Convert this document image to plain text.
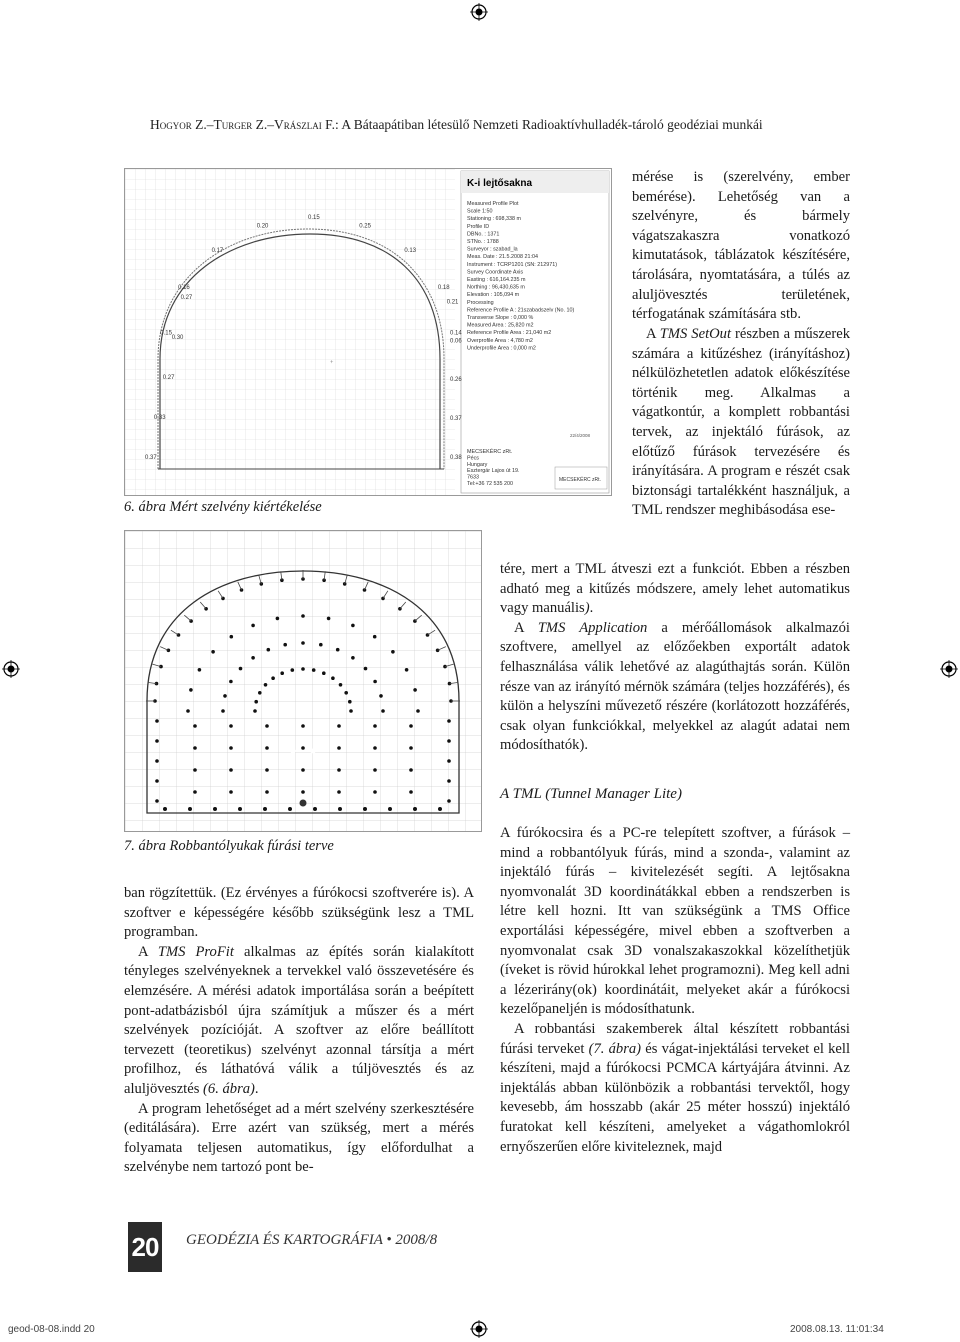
Hogyor Z.–Turger Z.–Vrászlai F.: A Bátaapátiban létesülő Nemzeti Radioaktívhulladék-tároló geodéziai munkái
+
K-i lejtősakna
Measured Profile Plot
Scale 1:50
Stationing : 698,338 m
Profile ID
DBNo. : 1371
STNo. : 1788
Surveyor : szabad_la
Meas. Date : 21.5.2008 21:04
Instrument : TCRP1201 (SN: 212971)
Survey Coordinate Axis
Easting : 616,164.235 m
Northing : 96,430,635 m
Elevation : 105,094 m
Processing
Reference Profile A : 21szabadszelv (No. 10)
Transverse Slope : 0,000 %
Measured Area : 25,820 m2
Reference Profile Area : 21,040 m2
Overprofile Area : 4,780 m2
Underprofile Area : 0,000 m2
MECSEKÉRC zRt.
Pécs
Hungary
Esztergár Lajos út 19.
7633
Tel:+36 72 535 200
MECSEKÉRC zRt.
22/4/2008
0.37
0.33
0.27
0.30
0.27
0.15
0.16
0.17
0.20
0.15
0.25
0.13
0.18
0.14
0.21
0.06
0.26
0.37
0.38
6. ábra Mért szelvény kiértékelése
7. ábra Robbantólyukak fúrási terve

mérése is (szerelvény, ember bemérése). Lehetőség van a szelvényre, és bármely vágatszakaszra vonatkozó kimutatások, táblázatok készítésére, tárolására, nyomtatására, a túlés az aluljövesztés területének, térfogatának számítására stb.

A TMS SetOut részben a műszerek számára a kitűzéshez (irányításhoz) nélkülözhetetlen adatok előkészítése történik meg. Alkalmas a vágatkontúr, a komplett robbantási tervek, az injektáló fúrások, az előtűző fúrások tervezésére és irányítására. A program e részét csak biztonsági tartalékként használjuk, a TML rendszer meghibásodása ese-

tére, mert a TML átveszi ezt a funkciót. Ebben a részben adható meg a kitűzés módszere, amely lehet automatikus vagy manuális).

A TMS Application a mérőállomások alkalmazói szoftvere, amellyel az előzőekben exportált adatok felhasználása válik lehetővé az alagúthajtás során. Külön része van az irányító mérnök számára (teljes hozzáférés), és külön a helyszíni művezető részére (korlátozott hozzáférés, csak olyan funkciókkal, melyekkel az alagút adatai nem módosíthatók).

A TML (Tunnel Manager Lite)

A fúrókocsira és a PC-re telepített szoftver, a fúrások – mind a robbantólyuk fúrás, mind a szonda-, valamint az injektáló fúrás – kivitelezését segíti. A lejtősakna nyomvonalát 3D koordinátákkal ebben a rendszerben is létre kell hozni. Itt van szükségünk a TMS Office exportálási képességére, mivel ebben a szoftverben a nyomvonalat csak 3D vonalszakaszokkal közelíthetjük (íveket is rövid húrokkal lehet programozni). Meg kell adni a lézerirány(ok) koordinátáit, melyeket akár a fúrókocsi kezelőpaneljén is módosíthatunk.

A robbantási szakemberek által készített robbantási fúrási terveket (7. ábra) és vágat-injektálási terveket el kell készíteni, majd a fúrókocsi PCMCA kártyájára átvinni. Az injektálás abban különbözik a robbantási tervektől, hogy kevesebb, ám hosszabb (akár 25 méter hosszú) injektáló furatokat kell készíteni, amelyeket a vágathomlokról ernyőszerűen előre kiviteleznek, majd

ban rögzítettük. (Ez érvényes a fúrókocsi szoftverére is). A szoftver e képességére később szükségünk lesz a TML programban.

A TMS ProFit alkalmas az építés során kialakított tényleges szelvényeknek a tervekkel való összevetésére és elemzésére. A mérési adatok importálása során a beépített pont-adatbázisból újra számítjuk a műszer és a mért szelvények pozícióját. A szoftver az előre beállított tervezett (teoretikus) szelvényt azonnal társítja a mért profilhoz, és láthatóvá válik a túljövesztés és az aluljövesztés (6. ábra).

A program lehetőséget ad a mért szelvény szerkesztésére (editálására). Erre azért van szükség, mert a mérés folyamata teljesen automatikus, így előfordulhat a szelvénybe nem tartozó pont be-

20 GEODÉZIA ÉS KARTOGRÁFIA • 2008/8
geod-08-08.indd 20	2008.08.13. 11:01:34
